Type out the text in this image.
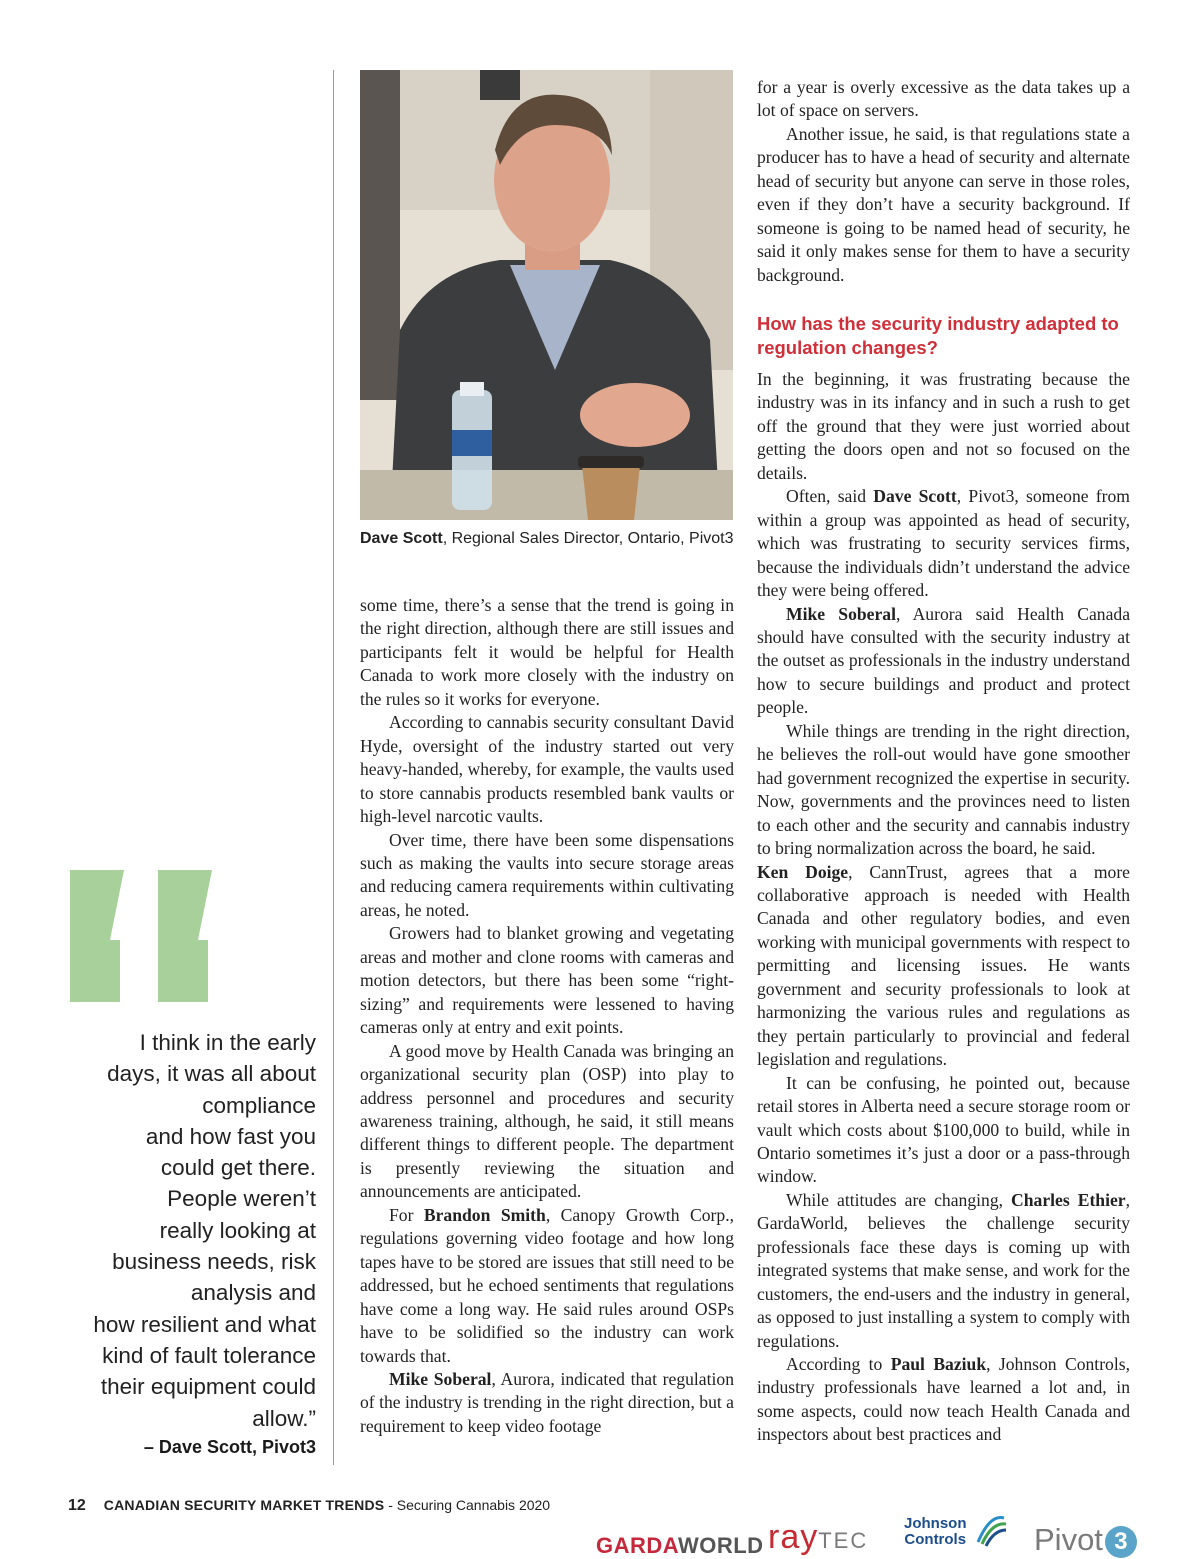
Dave Scott, Regional Sales Director, Ontario, Pivot3

I think in the early

days, it was all about

compliance

and how fast you

could get there.

People weren’t

really looking at

business needs, risk

analysis and

how resilient and what

kind of fault tolerance

their equipment could

allow.”

– Dave Scott, Pivot3

some time, there’s a sense that the trend is going in the right direction, although there are still issues and participants felt it would be helpful for Health Canada to work more closely with the industry on the rules so it works for everyone.

According to cannabis security consultant David Hyde, oversight of the industry started out very heavy-handed, whereby, for example, the vaults used to store cannabis products resembled bank vaults or high-level narcotic vaults.

Over time, there have been some dispensations such as making the vaults into secure storage areas and reducing camera requirements within cultivating areas, he noted.

Growers had to blanket growing and vegetating areas and mother and clone rooms with cameras and motion detectors, but there has been some “right-sizing” and requirements were lessened to having cameras only at entry and exit points.

A good move by Health Canada was bringing an organizational security plan (OSP) into play to address personnel and procedures and security awareness training, although, he said, it still means different things to different people. The department is presently reviewing the situation and announcements are anticipated.

For Brandon Smith, Canopy Growth Corp., regulations governing video footage and how long tapes have to be stored are issues that still need to be addressed, but he echoed sentiments that regulations have come a long way. He said rules around OSPs have to be solidified so the industry can work towards that.

Mike Soberal, Aurora, indicated that regulation of the industry is trending in the right direction, but a requirement to keep video footage

for a year is overly excessive as the data takes up a lot of space on servers.

Another issue, he said, is that regulations state a producer has to have a head of security and alternate head of security but anyone can serve in those roles, even if they don’t have a security background. If someone is going to be named head of security, he said it only makes sense for them to have a security background.

How has the security industry adapted to regulation changes?

In the beginning, it was frustrating because the industry was in its infancy and in such a rush to get off the ground that they were just worried about getting the doors open and not so focused on the details.

Often, said Dave Scott, Pivot3, someone from within a group was appointed as head of security, which was frustrating to security services firms, because the individuals didn’t understand the advice they were being offered.

Mike Soberal, Aurora said Health Canada should have consulted with the security industry at the outset as professionals in the industry understand how to secure buildings and product and protect people.

While things are trending in the right direction, he believes the roll-out would have gone smoother had government recognized the expertise in security. Now, governments and the provinces need to listen to each other and the security and cannabis industry to bring normalization across the board, he said.

Ken Doige, CannTrust, agrees that a more collaborative approach is needed with Health Canada and other regulatory bodies, and even working with municipal governments with respect to permitting and licensing issues. He wants government and security professionals to look at harmonizing the various rules and regulations as they pertain particularly to provincial and federal legislation and regulations.

It can be confusing, he pointed out, because retail stores in Alberta need a secure storage room or vault which costs about $100,000 to build, while in Ontario sometimes it’s just a door or a pass-through window.

While attitudes are changing, Charles Ethier, GardaWorld, believes the challenge security professionals face these days is coming up with integrated systems that make sense, and work for the customers, the end-users and the industry in general, as opposed to just installing a system to comply with regulations.

According to Paul Baziuk, Johnson Controls, industry professionals have learned a lot and, in some aspects, could now teach Health Canada and inspectors about best practices and

12 CANADIAN SECURITY MARKET TRENDS - Securing Cannabis 2020
GARDAWORLD rayTEC
Johnson
Controls Pivot 3
